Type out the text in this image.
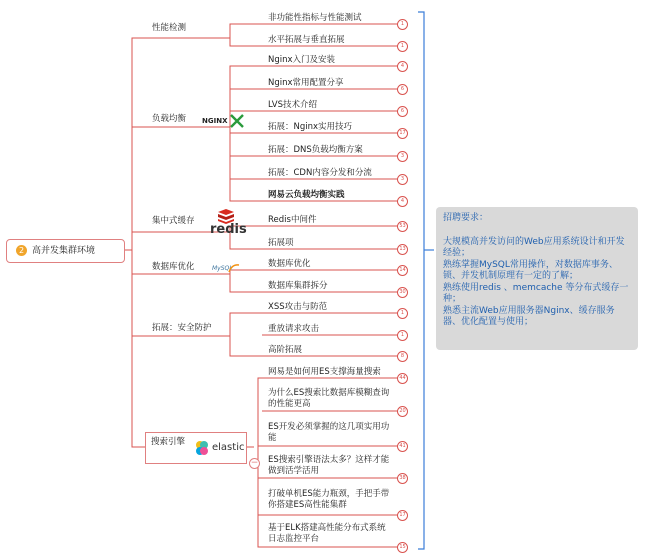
2 高并发集群环境
性能检测
负载均衡
集中式缓存
数据库优化
拓展：安全防护
NGINX
redis
MySQL
搜索引擎	elastic
−
非功能性指标与性能测试
1
水平拓展与垂直拓展
1
Nginx入门及安装
4
Nginx常用配置分享
6
LVS技术介绍
6
拓展：Nginx实用技巧
17
拓展：DNS负载均衡方案
3
拓展：CDN内容分发和分流
3
网易云负载均衡实践
4
Redis中间件
53
拓展项
13
数据库优化
14
数据库集群拆分
30
XSS攻击与防范
1
重放请求攻击
1
高阶拓展
8
网易是如何用ES支撑海量搜索
44
为什么ES搜索比数据库模糊查询的性能更高
20
ES开发必须掌握的这几项实用功能
41
ES搜索引擎语法太多？这样才能做到活学活用
38
打破单机ES能力瓶颈，手把手带你搭建ES高性能集群
17
基于ELK搭建高性能分布式系统日志监控平台
15
招聘要求：
大规模高并发访问的Web应用系统设计和开发经验；
熟练掌握MySQL常用操作，对数据库事务、锁、并发机制原理有一定的了解；
熟练使用redis 、memcache 等分布式缓存一种；
熟悉主流Web应用服务器Nginx、缓存服务器、优化配置与使用；
